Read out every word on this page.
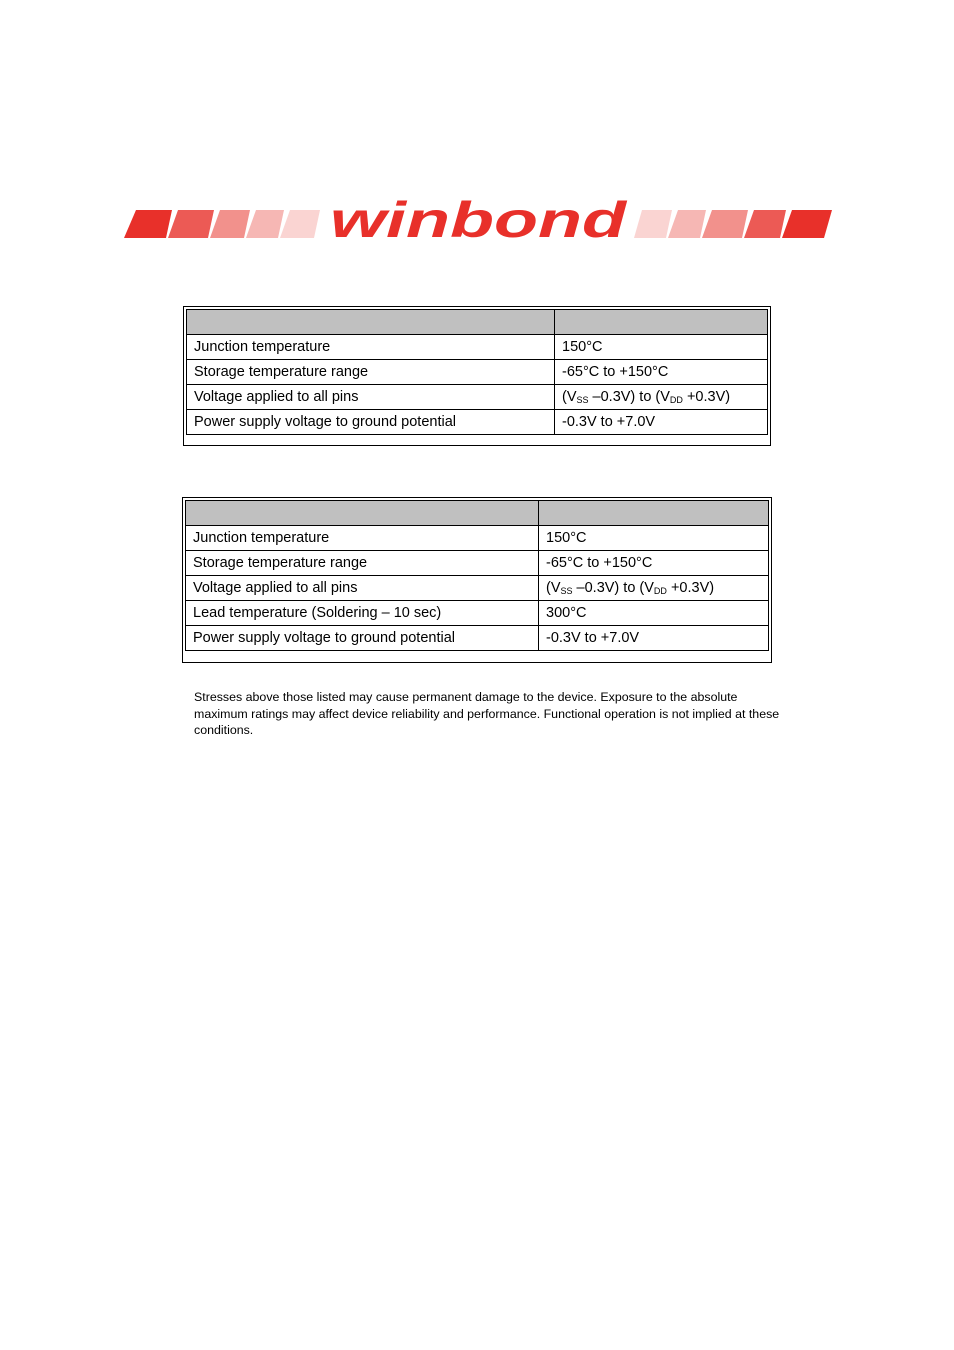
winbond

Junction temperature	150°C
Storage temperature range	-65°C to +150°C
Voltage applied to all pins	($V_{SS}$ –0.3V) to $(V_{DD} +0.3V)$
Power supply voltage to ground potential	-0.3V to +7.0V

Junction temperature	150°C
Storage temperature range	-65°C to +150°C
Voltage applied to all pins	($V_{SS}$ –0.3V) to $(V_{DD} +0.3V)$
Lead temperature (Soldering – 10 sec)	300°C
Power supply voltage to ground potential	-0.3V to +7.0V

Stresses above those listed may cause permanent damage to the device. Exposure to the absolute maximum ratings may affect device reliability and performance. Functional operation is not implied at these conditions.
